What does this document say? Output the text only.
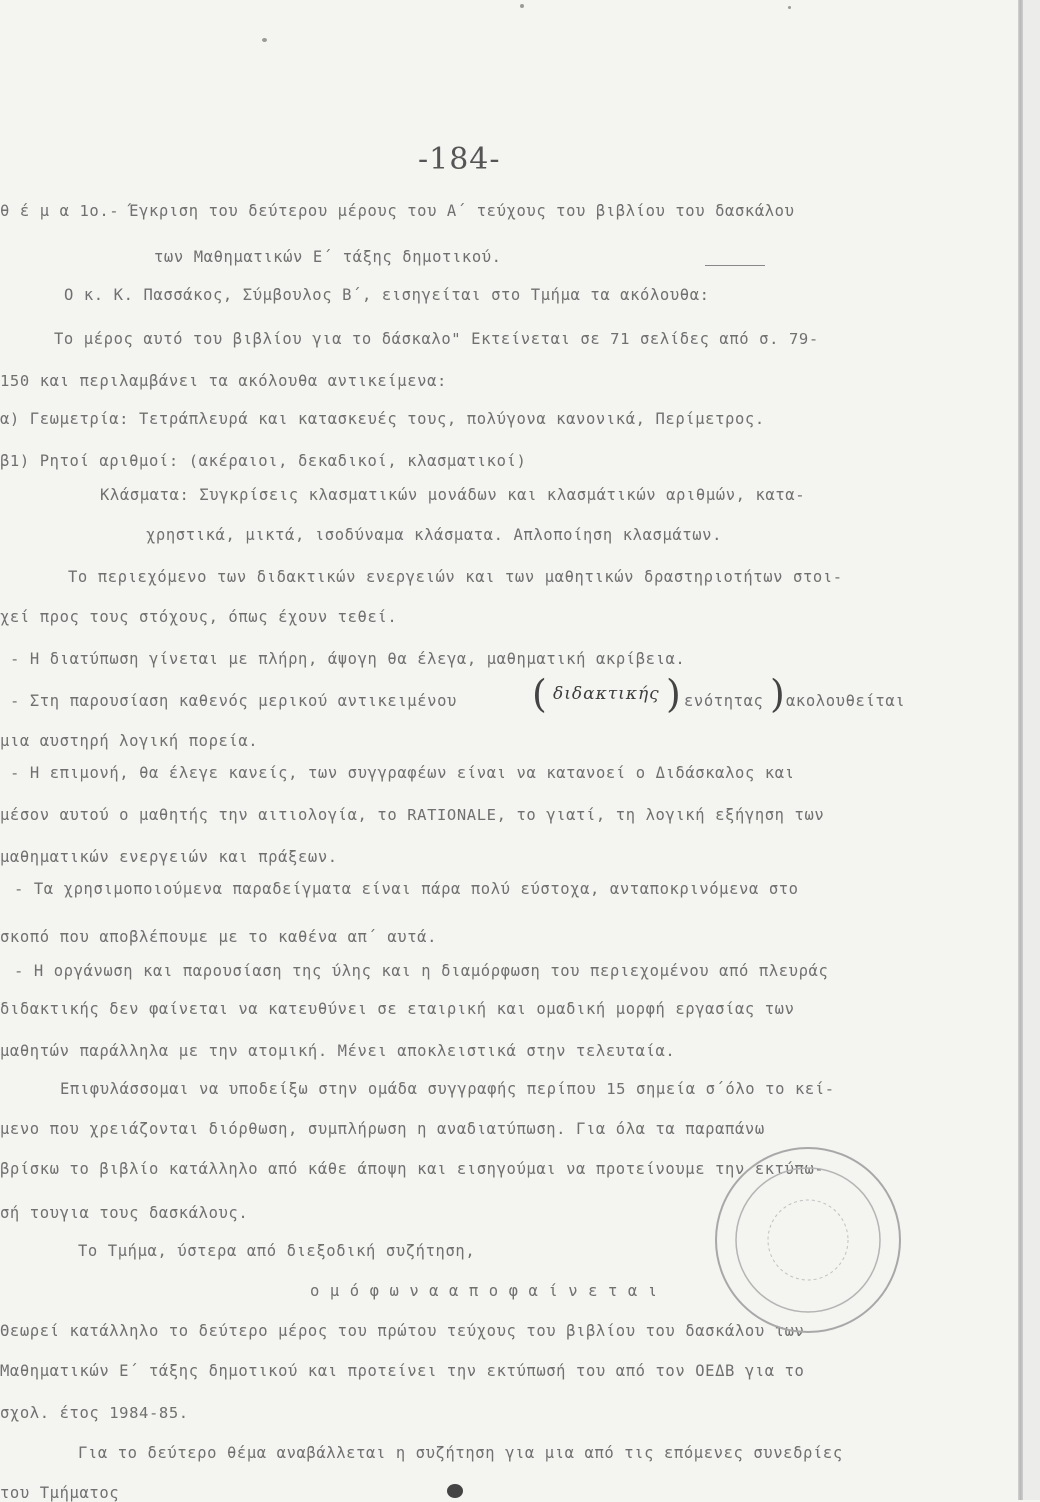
-184-
θ έ μ α 1ο.- Έγκριση του δεύτερου μέρους του Α΄ τεύχους του βιβλίου του δασκάλου
των Μαθηματικών Ε΄ τάξης δημοτικού.
Ο κ. Κ. Πασσάκος, Σύμβουλος Β΄, εισηγείται στο Τμήμα τα ακόλουθα:
Το μέρος αυτό του βιβλίου για το δάσκαλο" Εκτείνεται σε 71 σελίδες από σ. 79-
150 και περιλαμβάνει τα ακόλουθα αντικείμενα:
α) Γεωμετρία: Τετράπλευρά και κατασκευές τους, πολύγονα κανονικά, Περίμετρος.
β1) Ρητοί αριθμοί: (ακέραιοι, δεκαδικοί, κλασματικοί)
Κλάσματα: Συγκρίσεις κλασματικών μονάδων και κλασμάτικών αριθμών, κατα-
χρηστικά, μικτά, ισοδύναμα κλάσματα. Απλοποίηση κλασμάτων.
Το περιεχόμενο των διδακτικών ενεργειών και των μαθητικών δραστηριοτήτων στοι-
χεί προς τους στόχους, όπως έχουν τεθεί.
- Η διατύπωση γίνεται με πλήρη, άψογη θα έλεγα, μαθηματική ακρίβεια.
- Στη παρουσίαση καθενός μερικού αντικειμένου ( διδακτικής ) ενότητας ) ακολουθείται
μια αυστηρή λογική πορεία.
- Η επιμονή, θα έλεγε κανείς, των συγγραφέων είναι να κατανοεί ο Διδάσκαλος και
μέσον αυτού ο μαθητής την αιτιολογία, το RATIONALE, το γιατί, τη λογική εξήγηση των
μαθηματικών ενεργειών και πράξεων.
- Τα χρησιμοποιούμενα παραδείγματα είναι πάρα πολύ εύστοχα, ανταποκρινόμενα στο
σκοπό που αποβλέπουμε με το καθένα απ΄ αυτά.
- Η οργάνωση και παρουσίαση της ύλης και η διαμόρφωση του περιεχομένου από πλευράς
διδακτικής δεν φαίνεται να κατευθύνει σε εταιρική και ομαδική μορφή εργασίας των
μαθητών παράλληλα με την ατομική. Μένει αποκλειστικά στην τελευταία.
Επιφυλάσσομαι να υποδείξω στην ομάδα συγγραφής περίπου 15 σημεία σ΄όλο το κεί-
μενο που χρειάζονται διόρθωση, συμπλήρωση η αναδιατύπωση. Για όλα τα παραπάνω
βρίσκω το βιβλίο κατάλληλο από κάθε άποψη και εισηγούμαι να προτείνουμε την εκτύπω-
σή τουγια τους δασκάλους.
Το Τμήμα, ύστερα από διεξοδική συζήτηση,
ο μ ό φ ω ν α α π ο φ α ί ν ε τ α ι
Θεωρεί κατάλληλο το δεύτερο μέρος του πρώτου τεύχους του βιβλίου του δασκάλου των
Μαθηματικών Ε΄ τάξης δημοτικού και προτείνει την εκτύπωσή του από τον ΟΕΔΒ για το
σχολ. έτος 1984-85.
Για το δεύτερο θέμα αναβάλλεται η συζήτηση για μια από τις επόμενες συνεδρίες
του Τμήματος
